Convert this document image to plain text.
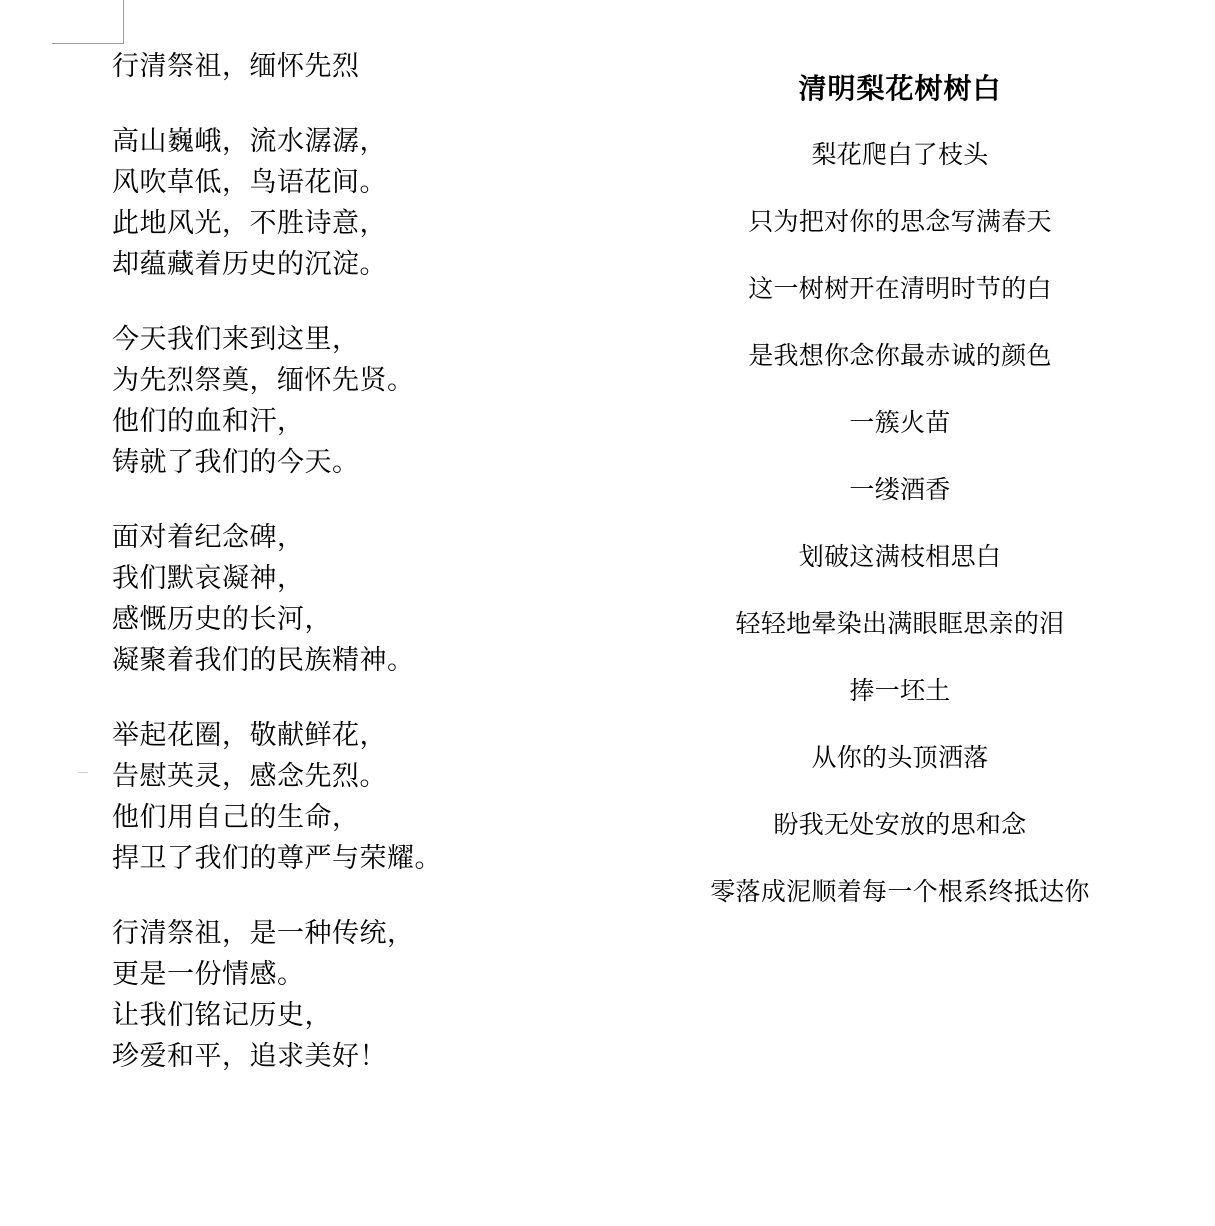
行清祭祖，缅怀先烈
高山巍峨，流水潺潺，
风吹草低，鸟语花间。
此地风光，不胜诗意，
却蕴藏着历史的沉淀。
今天我们来到这里，
为先烈祭奠，缅怀先贤。
他们的血和汗，
铸就了我们的今天。
面对着纪念碑，
我们默哀凝神，
感慨历史的长河，
凝聚着我们的民族精神。
举起花圈，敬献鲜花，
告慰英灵，感念先烈。
他们用自己的生命，
捍卫了我们的尊严与荣耀。
行清祭祖，是一种传统，
更是一份情感。
让我们铭记历史，
珍爱和平，追求美好！
清明梨花树树白
梨花爬白了枝头
只为把对你的思念写满春天
这一树树开在清明时节的白
是我想你念你最赤诚的颜色
一簇火苗
一缕酒香
划破这满枝相思白
轻轻地晕染出满眼眶思亲的泪
捧一坯土
从你的头顶洒落
盼我无处安放的思和念
零落成泥顺着每一个根系终抵达你
